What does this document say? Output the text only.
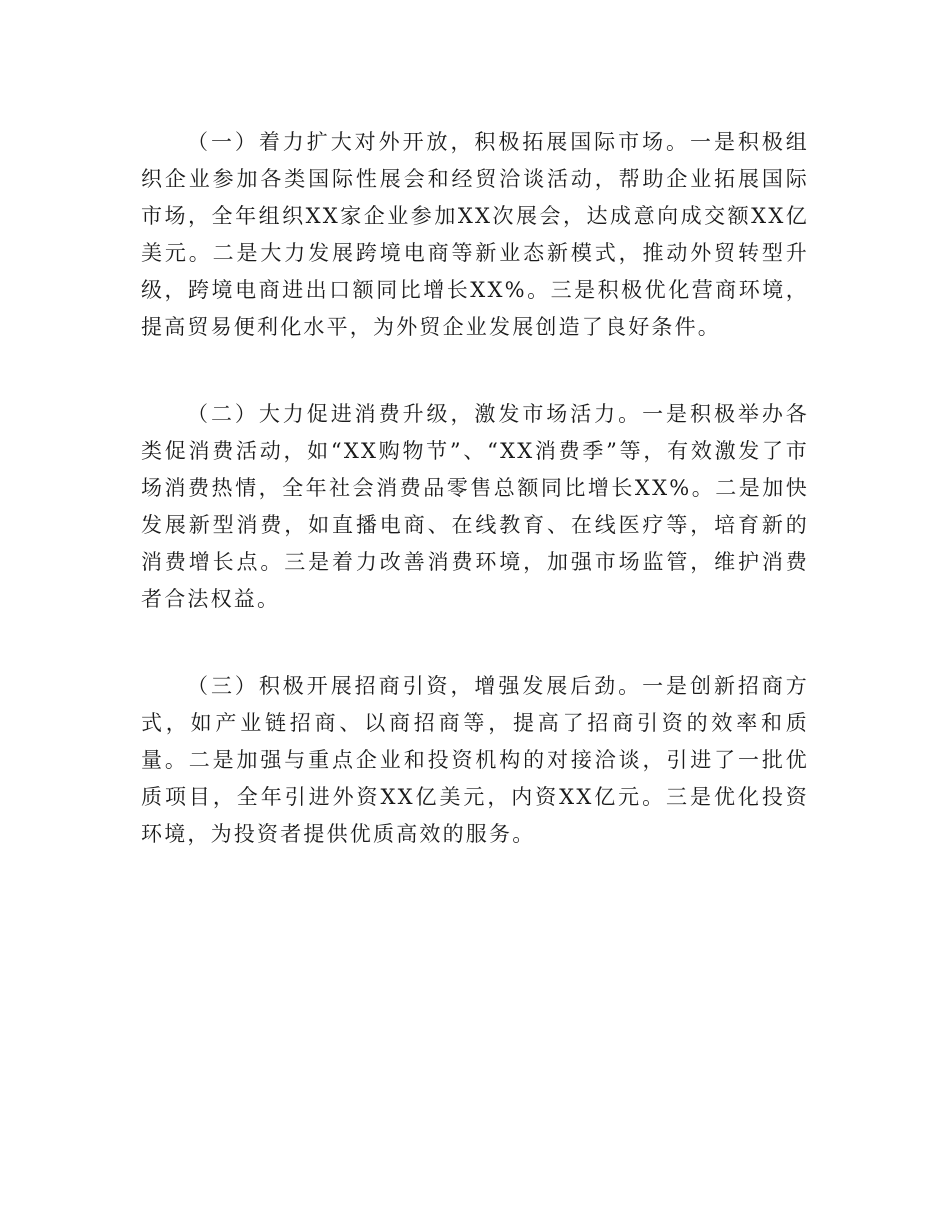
（一）着力扩大对外开放，积极拓展国际市场。一是积极组织企业参加各类国际性展会和经贸洽谈活动，帮助企业拓展国际市场，全年组织XX家企业参加XX次展会，达成意向成交额XX亿美元。二是大力发展跨境电商等新业态新模式，推动外贸转型升级，跨境电商进出口额同比增长XX%。三是积极优化营商环境，提高贸易便利化水平，为外贸企业发展创造了良好条件。

（二）大力促进消费升级，激发市场活力。一是积极举办各类促消费活动，如“XX购物节”、“XX消费季”等，有效激发了市场消费热情，全年社会消费品零售总额同比增长XX%。二是加快发展新型消费，如直播电商、在线教育、在线医疗等，培育新的消费增长点。三是着力改善消费环境，加强市场监管，维护消费者合法权益。

（三）积极开展招商引资，增强发展后劲。一是创新招商方式，如产业链招商、以商招商等，提高了招商引资的效率和质量。二是加强与重点企业和投资机构的对接洽谈，引进了一批优质项目，全年引进外资XX亿美元，内资XX亿元。三是优化投资环境，为投资者提供优质高效的服务。
